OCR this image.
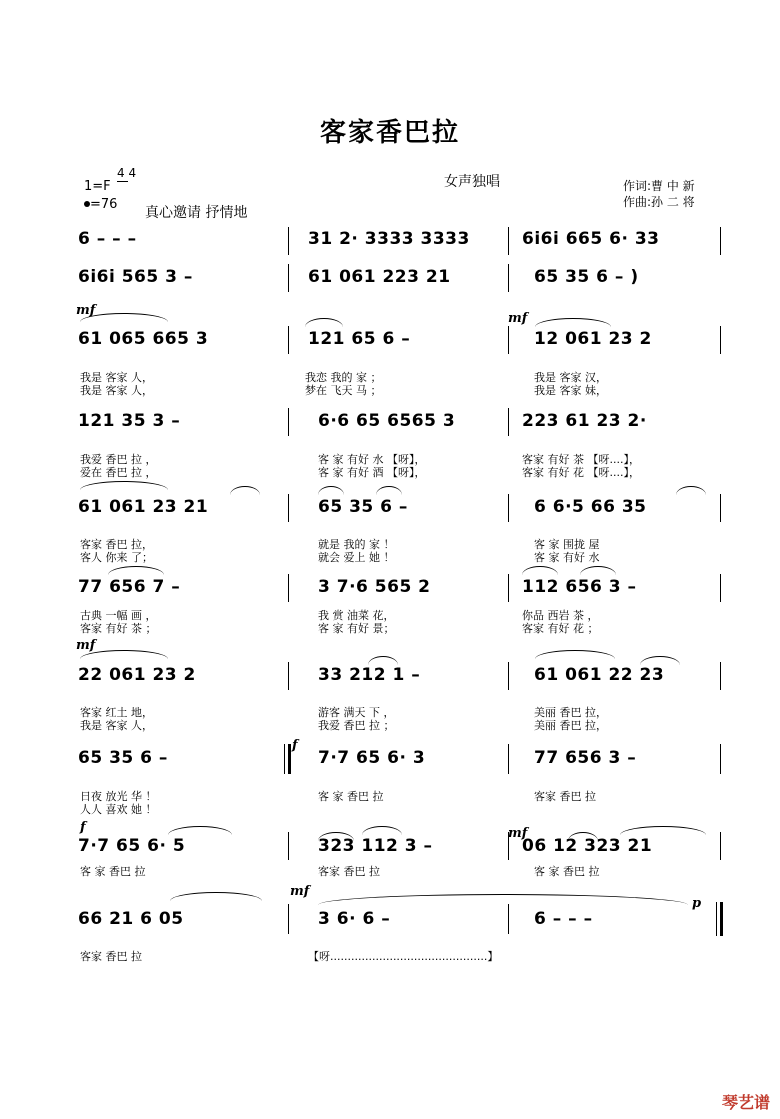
客家香巴拉
女声独唱	作词:曹 中 新
作曲:孙 二 将
1=F
4 4
=76
真心邀请 抒情地
6 – – –	31 2· 3333 3333	6i6i 665 6· 33
6i6i 565 3 –	61 061 223 21	65 35 6 – )
mf
mf
61 065 665 3	121 65 6 –	12 061 23 2
我是 客家 人，	我恋 我的 家 ；	我是 客家 汉，
我是 客家 人，	梦在 飞天 马 ；	我是 客家 妹，
121 35 3 –	6·6 65 6565 3	223 61 23 2·
我爱 香巴 拉 ，	客 家 有好 水 【呀】，	客家 有好 茶 【呀....】，
爱在 香巴 拉 ，	客 家 有好 酒 【呀】，	客家 有好 花 【呀....】，
61 061 23 21	65 35 6 –	6 6·5 66 35
客家 香巴 拉，	就是 我的 家 ！	客 家 围拢 屋
客人 你来 了；	就会 爱上 她 ！	客 家 有好 水
77 656 7 –	3 7·6 565 2	112 656 3 –
古典 一幅 画 ，	我 赏 油菜 花，	你品 西岩 茶 ，
客家 有好 茶 ；	客 家 有好 景；	客家 有好 花 ；
mf
22 061 23 2	33 212 1 –	61 061 22 23
客家 红土 地，	游客 满天 下 ，	美丽 香巴 拉，
我是 客家 人，	我爱 香巴 拉 ；	美丽 香巴 拉，
f
65 35 6 –	7·7 65 6· 3	77 656 3 –
日夜 放光 华 ！	客 家 香巴 拉	客家 香巴 拉
人人 喜欢 她 ！
f	mf
7·7 65 6· 5	323 112 3 –	06 12 323 21
客 家 香巴 拉	客家 香巴 拉	客 家 香巴 拉
mf
p
66 21 6 05	3 6· 6 –	6 – – –
客家 香巴 拉	【呀.............................................】
琴艺谱
